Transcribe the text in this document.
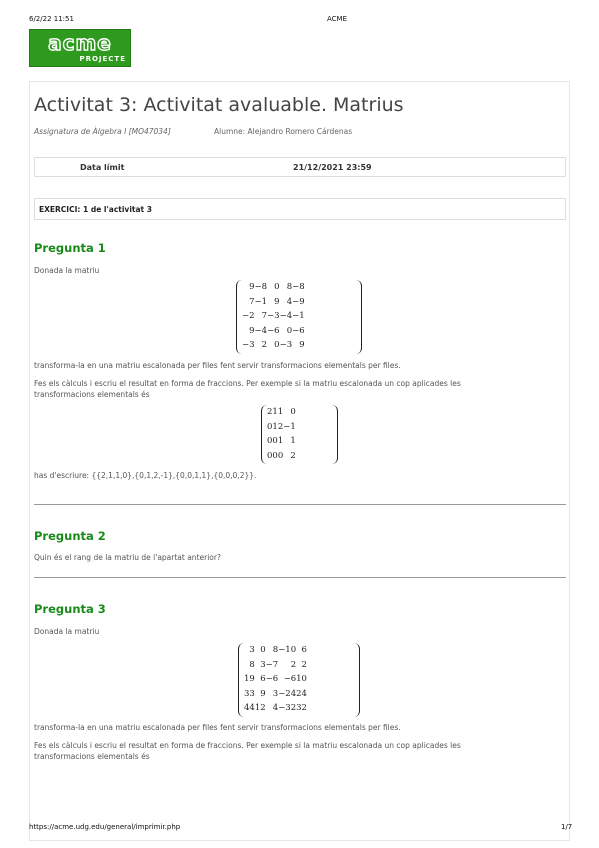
6/2/22 11:51	ACME
acme
PROJECTE
Activitat 3: Activitat avaluable. Matrius
Assignatura de Àlgebra I [MO47034]	Alumne: Alejandro Romero Cárdenas
Data límit	21/12/2021 23:59
EXERCICI: 1 de l'activitat 3
Pregunta 1
Donada la matriu
9	−8	0	8	−8
7	−1	9	4	−9
−2	7	−3	−4	−1
9	−4	−6	0	−6
−3	2	0	−3	9
transforma-la en una matriu escalonada per files fent servir transformacions elementals per files.
Fes els càlculs i escriu el resultat en forma de fraccions. Per exemple si la matriu escalonada un cop aplicades les
transformacions elementals és
2	1	1	0
0	1	2	−1
0	0	1	1
0	0	0	2
has d'escriure: {{2,1,1,0},{0,1,2,-1},{0,0,1,1},{0,0,0,2}}.
Pregunta 2
Quin és el rang de la matriu de l'apartat anterior?
Pregunta 3
Donada la matriu
3	0	8	−10	6
8	3	−7	2	2
19	6	−6	−6	10
33	9	3	−24	24
44	12	4	−32	32
transforma-la en una matriu escalonada per files fent servir transformacions elementals per files.
Fes els càlculs i escriu el resultat en forma de fraccions. Per exemple si la matriu escalonada un cop aplicades les
transformacions elementals és
https://acme.udg.edu/general/imprimir.php	1/7
